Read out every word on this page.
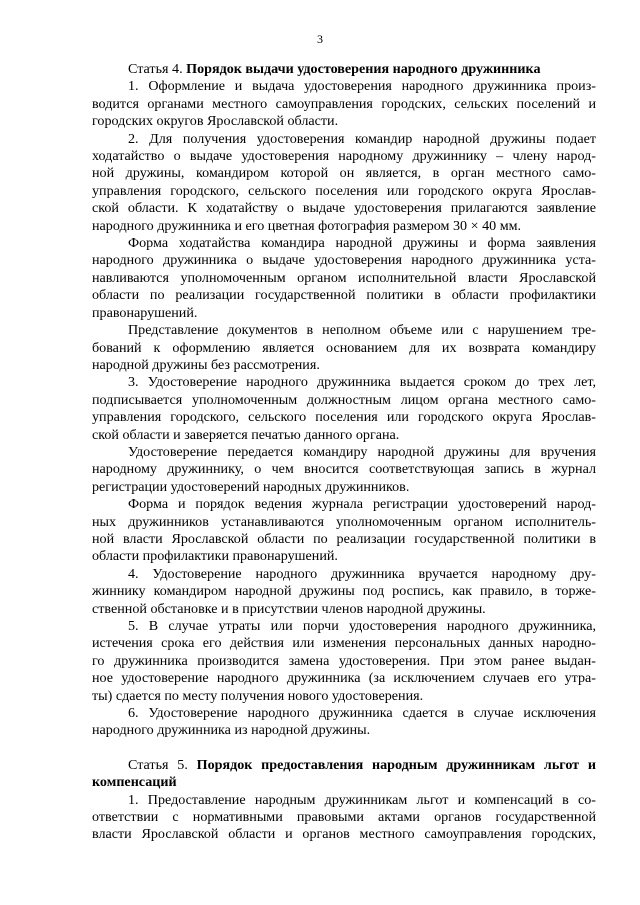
3
Статья 4. Порядок выдачи удостоверения народного дружинника
1. Оформление и выдача удостоверения народного дружинника произ-
водится органами местного самоуправления городских, сельских поселений и
городских округов Ярославской области.
2. Для получения удостоверения командир народной дружины подает
ходатайство о выдаче удостоверения народному дружиннику – члену народ-
ной дружины, командиром которой он является, в орган местного само-
управления городского, сельского поселения или городского округа Ярослав-
ской области. К ходатайству о выдаче удостоверения прилагаются заявление
народного дружинника и его цветная фотография размером 30 × 40 мм.
Форма ходатайства командира народной дружины и форма заявления
народного дружинника о выдаче удостоверения народного дружинника уста-
навливаются уполномоченным органом исполнительной власти Ярославской
области по реализации государственной политики в области профилактики
правонарушений.
Представление документов в неполном объеме или с нарушением тре-
бований к оформлению является основанием для их возврата командиру
народной дружины без рассмотрения.
3. Удостоверение народного дружинника выдается сроком до трех лет,
подписывается уполномоченным должностным лицом органа местного само-
управления городского, сельского поселения или городского округа Ярослав-
ской области и заверяется печатью данного органа.
Удостоверение передается командиру народной дружины для вручения
народному дружиннику, о чем вносится соответствующая запись в журнал
регистрации удостоверений народных дружинников.
Форма и порядок ведения журнала регистрации удостоверений народ-
ных дружинников устанавливаются уполномоченным органом исполнитель-
ной власти Ярославской области по реализации государственной политики в
области профилактики правонарушений.
4. Удостоверение народного дружинника вручается народному дру-
жиннику командиром народной дружины под роспись, как правило, в торже-
ственной обстановке и в присутствии членов народной дружины.
5. В случае утраты или порчи удостоверения народного дружинника,
истечения срока его действия или изменения персональных данных народно-
го дружинника производится замена удостоверения. При этом ранее выдан-
ное удостоверение народного дружинника (за исключением случаев его утра-
ты) сдается по месту получения нового удостоверения.
6. Удостоверение народного дружинника сдается в случае исключения
народного дружинника из народной дружины.
Статья 5. Порядок предоставления народным дружинникам льгот и
компенсаций
1. Предоставление народным дружинникам льгот и компенсаций в со-
ответствии с нормативными правовыми актами органов государственной
власти Ярославской области и органов местного самоуправления городских,
